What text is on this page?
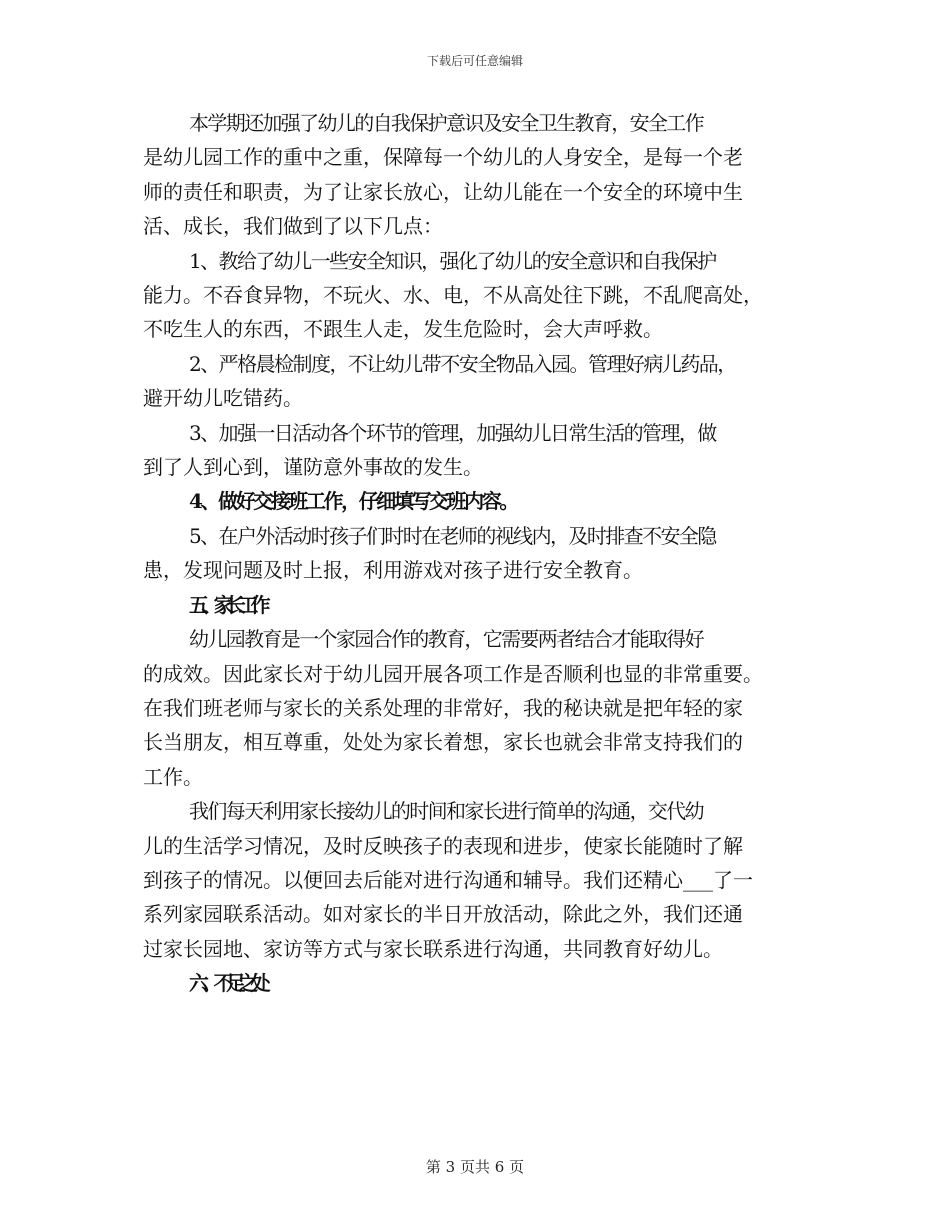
下载后可任意编辑

本学期还加强了幼儿的自我保护意识及安全卫生教育，安全工作

是幼儿园工作的重中之重，保障每一个幼儿的人身安全，是每一个老

师的责任和职责，为了让家长放心，让幼儿能在一个安全的环境中生

活、成长，我们做到了以下几点：

1、教给了幼儿一些安全知识，强化了幼儿的安全意识和自我保护

能力。不吞食异物，不玩火、水、电，不从高处往下跳，不乱爬高处，

不吃生人的东西，不跟生人走，发生危险时，会大声呼救。

2、严格晨检制度，不让幼儿带不安全物品入园。管理好病儿药品，

避开幼儿吃错药。

3、加强一日活动各个环节的管理，加强幼儿日常生活的管理，做

到了人到心到，谨防意外事故的发生。

4、做好交接班工作，仔细填写交班内容。

5、在户外活动时孩子们时时在老师的视线内，及时排查不安全隐

患，发现问题及时上报，利用游戏对孩子进行安全教育。

五、家长工作

幼儿园教育是一个家园合作的教育，它需要两者结合才能取得好

的成效。因此家长对于幼儿园开展各项工作是否顺利也显的非常重要。

在我们班老师与家长的关系处理的非常好，我的秘诀就是把年轻的家

长当朋友，相互尊重，处处为家长着想，家长也就会非常支持我们的

工作。

我们每天利用家长接幼儿的时间和家长进行简单的沟通，交代幼

儿的生活学习情况，及时反映孩子的表现和进步，使家长能随时了解

到孩子的情况。以便回去后能对进行沟通和辅导。我们还精心___了一

系列家园联系活动。如对家长的半日开放活动，除此之外，我们还通

过家长园地、家访等方式与家长联系进行沟通，共同教育好幼儿。

六、不足之处

第 3 页共 6 页
